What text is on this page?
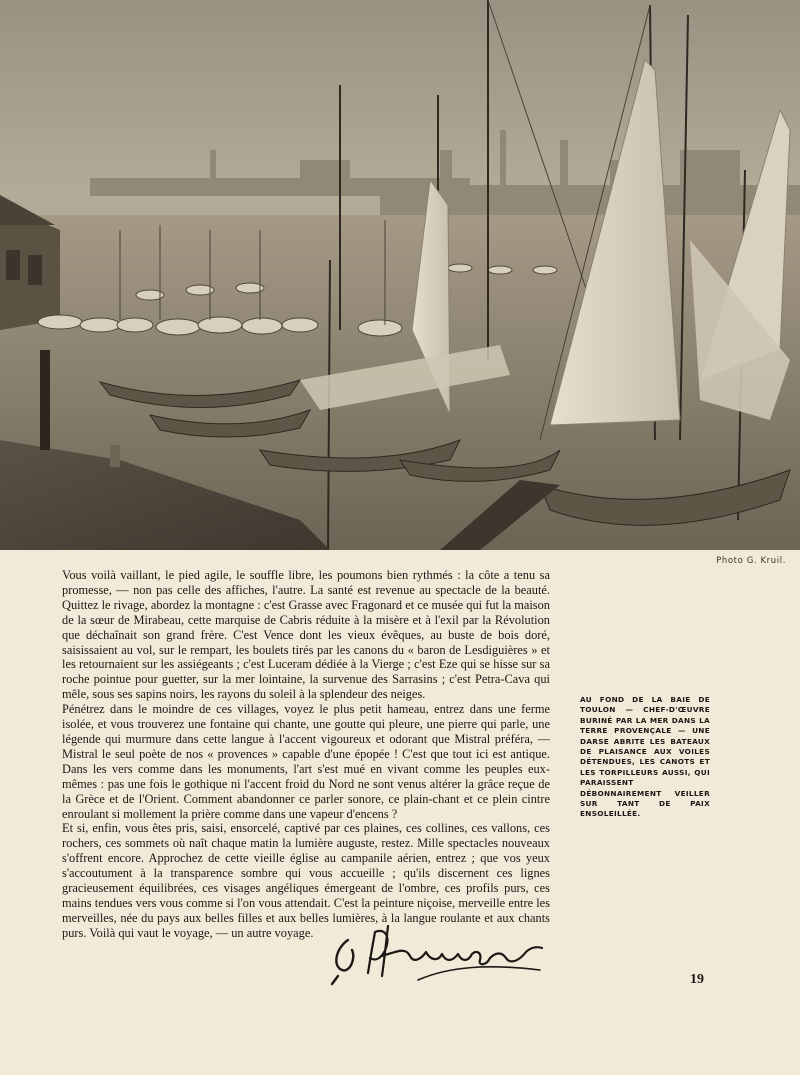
Photo G. Kruil.

Vous voilà vaillant, le pied agile, le souffle libre, les poumons bien rythmés : la côte a tenu sa promesse, — non pas celle des affiches, l'autre. La santé est revenue au spectacle de la beauté. Quittez le rivage, abordez la montagne : c'est Grasse avec Fragonard et ce musée qui fut la maison de la sœur de Mirabeau, cette marquise de Cabris réduite à la misère et à l'exil par la Révolution que déchaînait son grand frère. C'est Vence dont les vieux évêques, au buste de bois doré, saisissaient au vol, sur le rempart, les boulets tirés par les canons du « baron de Lesdiguières » et les retournaient sur les assiégeants ; c'est Luceram dédiée à la Vierge ; c'est Eze qui se hisse sur sa roche pointue pour guetter, sur la mer lointaine, la survenue des Sarrasins ; c'est Petra-Cava qui mêle, sous ses sapins noirs, les rayons du soleil à la splendeur des neiges.

Pénétrez dans le moindre de ces villages, voyez le plus petit hameau, entrez dans une ferme isolée, et vous trouverez une fontaine qui chante, une goutte qui pleure, une pierre qui parle, une légende qui murmure dans cette langue à l'accent vigoureux et odorant que Mistral préféra, — Mistral le seul poète de nos « provences » capable d'une épopée ! C'est que tout ici est antique. Dans les vers comme dans les monuments, l'art s'est mué en vivant comme les peuples eux-mêmes : pas une fois le gothique ni l'accent froid du Nord ne sont venus altérer la grâce reçue de la Grèce et de l'Orient. Comment abandonner ce parler sonore, ce plain-chant et ce plein cintre enroulant si mollement la prière comme dans une vapeur d'encens ?

Et si, enfin, vous êtes pris, saisi, ensorcelé, captivé par ces plaines, ces collines, ces vallons, ces rochers, ces sommets où naît chaque matin la lumière auguste, restez. Mille spectacles nouveaux s'offrent encore. Approchez de cette vieille église au campanile aérien, entrez ; que vos yeux s'accoutument à la transparence sombre qui vous accueille ; qu'ils discernent ces lignes gracieusement équilibrées, ces visages angéliques émergeant de l'ombre, ces profils purs, ces mains tendues vers vous comme si l'on vous attendait. C'est la peinture niçoise, merveille entre les merveilles, née du pays aux belles filles et aux belles lumières, à la langue roulante et aux chants purs. Voilà qui vaut le voyage, — un autre voyage.

AU FOND DE LA BAIE DE TOULON — CHEF-D'ŒUVRE BURINÉ PAR LA MER DANS LA TERRE PROVENÇALE — UNE DARSE ABRITE LES BATEAUX DE PLAISANCE AUX VOILES DÉTENDUES, LES CANOTS ET LES TORPILLEURS AUSSI, QUI PARAISSENT DÉBONNAIREMENT VEILLER SUR TANT DE PAIX ENSOLEILLÉE.
19
